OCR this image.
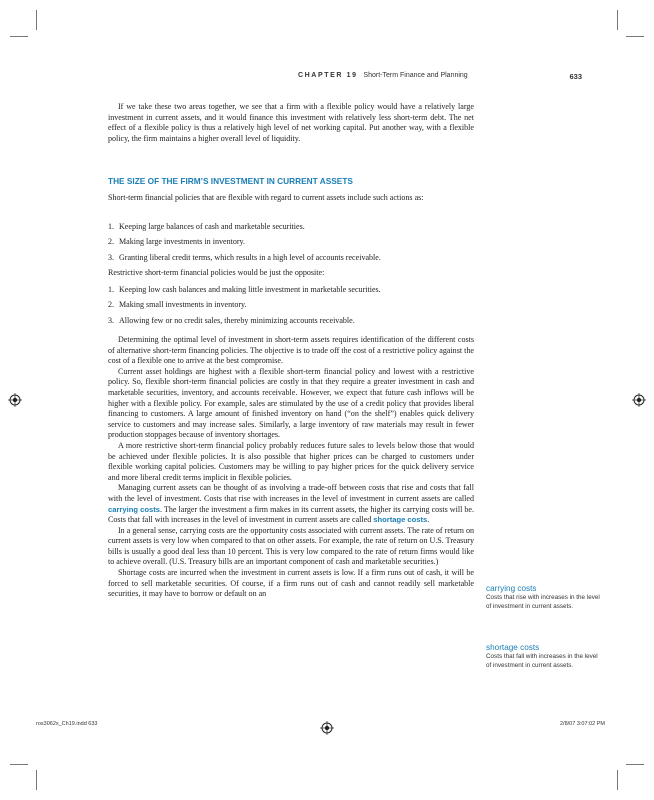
CHAPTER 19 Short-Term Finance and Planning	633

If we take these two areas together, we see that a firm with a flexible policy would have a relatively large investment in current assets, and it would finance this investment with relatively less short-term debt. The net effect of a flexible policy is thus a relatively high level of net working capital. Put another way, with a flexible policy, the firm maintains a higher overall level of liquidity.

THE SIZE OF THE FIRM’S INVESTMENT IN CURRENT ASSETS

Short-term financial policies that are flexible with regard to current assets include such actions as:

1. Keeping large balances of cash and marketable securities.
2. Making large investments in inventory.
3. Granting liberal credit terms, which results in a high level of accounts receivable.

Restrictive short-term financial policies would be just the opposite:

1. Keeping low cash balances and making little investment in marketable securities.
2. Making small investments in inventory.
3. Allowing few or no credit sales, thereby minimizing accounts receivable.

Determining the optimal level of investment in short-term assets requires identification of the different costs of alternative short-term financing policies. The objective is to trade off the cost of a restrictive policy against the cost of a flexible one to arrive at the best compromise.

Current asset holdings are highest with a flexible short-term financial policy and lowest with a restrictive policy. So, flexible short-term financial policies are costly in that they require a greater investment in cash and marketable securities, inventory, and accounts receivable. However, we expect that future cash inflows will be higher with a flexible policy. For example, sales are stimulated by the use of a credit policy that provides liberal financing to customers. A large amount of finished inventory on hand (“on the shelf”) enables quick delivery service to customers and may increase sales. Similarly, a large inventory of raw materials may result in fewer production stoppages because of inventory shortages.

A more restrictive short-term financial policy probably reduces future sales to levels below those that would be achieved under flexible policies. It is also possible that higher prices can be charged to customers under flexible working capital policies. Customers may be willing to pay higher prices for the quick delivery service and more liberal credit terms implicit in flexible policies.

Managing current assets can be thought of as involving a trade-off between costs that rise and costs that fall with the level of investment. Costs that rise with increases in the level of investment in current assets are called carrying costs. The larger the investment a firm makes in its current assets, the higher its carrying costs will be. Costs that fall with increases in the level of investment in current assets are called shortage costs.

In a general sense, carrying costs are the opportunity costs associated with current assets. The rate of return on current assets is very low when compared to that on other assets. For example, the rate of return on U.S. Treasury bills is usually a good deal less than 10 percent. This is very low compared to the rate of return firms would like to achieve overall. (U.S. Treasury bills are an important component of cash and marketable securities.)

Shortage costs are incurred when the investment in current assets is low. If a firm runs out of cash, it will be forced to sell marketable securities. Of course, if a firm runs out of cash and cannot readily sell marketable securities, it may have to borrow or default on an

carrying costs
Costs that rise with increases in the level of investment in current assets.
shortage costs
Costs that fall with increases in the level of investment in current assets.
ros3062x_Ch19.indd 633	2/8/07 3:07:02 PM
